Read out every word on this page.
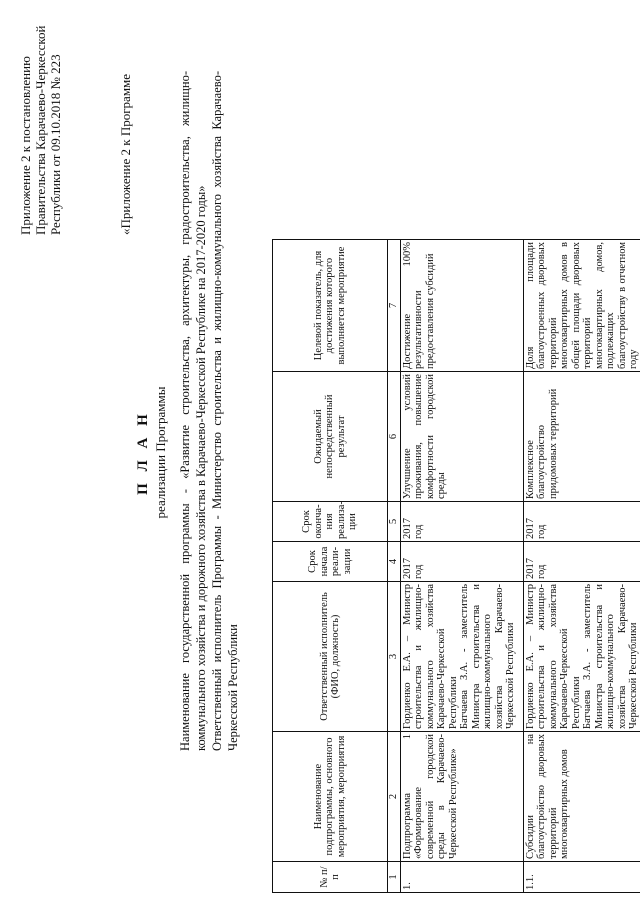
Приложение 2 к постановлению Правительства Карачаево-Черкесской Республики от 09.10.2018 № 223	«Приложение 2 к Программе
П Л А Н реализации Программы Наименование государственной программы - «Развитие строительства, архитектуры, градостроительства, жилищно-коммунального хозяйства и дорожного хозяйства в Карачаево-Черкесской Республике на 2017-2020 годы» Ответственный исполнитель Программы - Министерство строительства и жилищно-коммунального хозяйства Карачаево-Черкесской Республики
№ п/п	Наименование подпрограммы, основного мероприятия, мероприятия	Ответственный исполнитель (ФИО, должность)	Срок начала реали-зации	Срок оконча-ния реализа-ции	Ожидаемый непосредственный результат	Целевой показатель, для достижения которого выполняется мероприятие	
1	2	3	4	5	6	7	
1.	Подпрограмма 1 «Формирование современной городской среды в Карачаево-Черкесской Республике»	Гордиенко Е.А. – Министр строительства и жилищно-коммунального хозяйства Карачаево-Черкесской Республики Батчаева З.А. - заместитель Министра строительства и жилищно-коммунального хозяйства Карачаево-Черкесской Республики	2017 год	2017 год	Улучшение условий проживания, повышение комфортности городской среды	Достижение 100% результативности предоставления субсидий	
1.1.	Субсидии на благоустройство дворовых территорий многоквартирных домов	Гордиенко Е.А. – Министр строительства и жилищно-коммунального хозяйства Карачаево-Черкесской Республики Батчаева З.А. - заместитель Министра строительства и жилищно-коммунального хозяйства Карачаево-Черкесской Республики	2017 год	2017 год	Комплексное благоустройство придомовых территорий	Доля площади благоустроенных дворовых территорий многоквартирных домов в общей площади дворовых территорий многоквартирных домов, подлежащих благоустройству в отчетном году	
